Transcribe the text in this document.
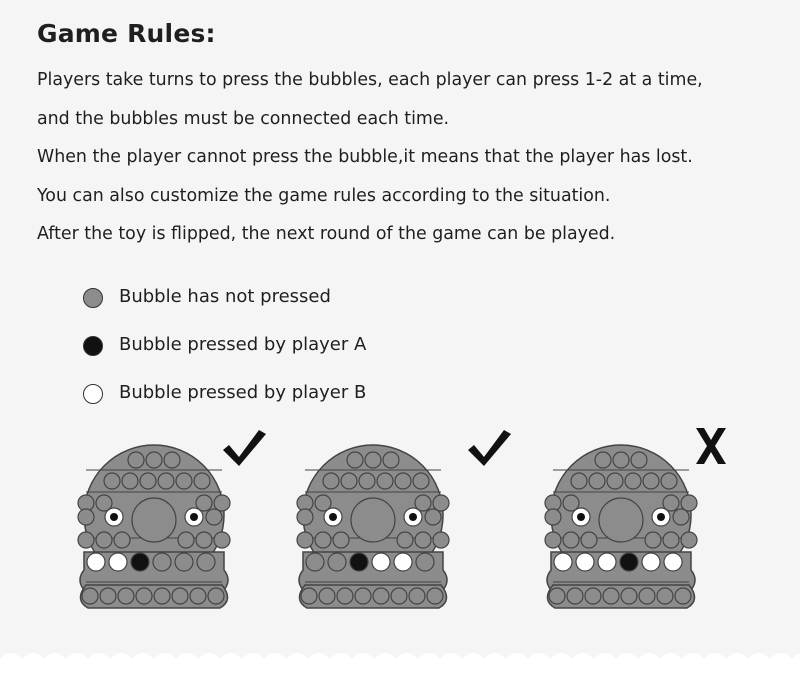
Game Rules:
Players take turns to press the bubbles, each player can press 1-2 at a time,
and the bubbles must be connected each time.
When the player cannot press the bubble,it means that the player has lost.
You can also customize the game rules according to the situation.
After the toy is flipped, the next round of the game can be played.
Bubble has not pressed
Bubble pressed by player A
Bubble pressed by player B
